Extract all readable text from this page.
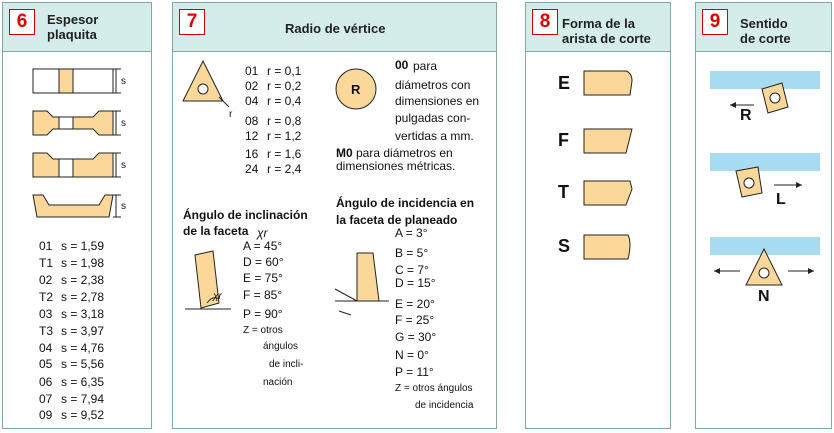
6	Espesor
plaquita
s
s
s
s
01 s = 1,59
T1 s = 1,98
02 s = 2,38
T2 s = 2,78
03 s = 3,18
T3 s = 3,97
04 s = 4,76
05 s = 5,56
06 s = 6,35
07 s = 7,94
09 s = 9,52
7	Radio de vértice
r
01 r = 0,1
02 r = 0,2
04 r = 0,4
08 r = 0,8
12 r = 1,2
16 r = 1,6
24 r = 2,4
R
00 para
diámetros con
dimensiones en
pulgadas con-
vertidas a mm.
M0 para diámetros en
dimensiones métricas.
Ángulo de inclinación
de la faceta χr
χr
A = 45°
D = 60°
E = 75°
F = 85°
P = 90°
Z = otros
ángulos
de incli-
nación
Ángulo de incidencia en
la faceta de planeado
A = 3°
B = 5°
C = 7°
D = 15°
E = 20°
F = 25°
G = 30°
N = 0°
P = 11°
Z = otros ángulos
de incidencia
8 Forma de la
arista de corte
E
F
T
S
9	Sentido
de corte
R
L
N
